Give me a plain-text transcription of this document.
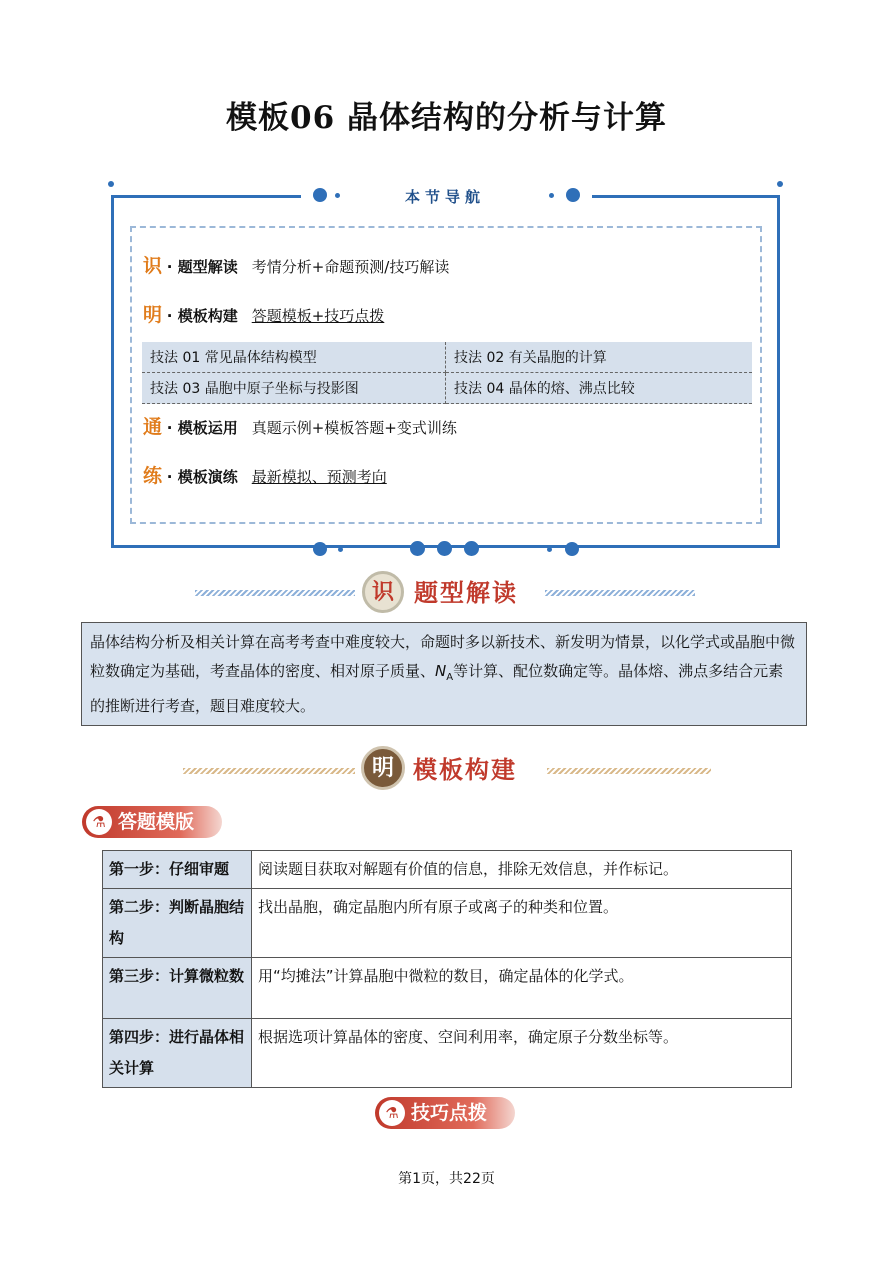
模板06 晶体结构的分析与计算
本节导航
识 · 题型解读 考情分析+命题预测/技巧解读
明 · 模板构建 答题模板+技巧点拨
技法 01 常见晶体结构模型	技法 02 有关晶胞的计算
技法 03 晶胞中原子坐标与投影图	技法 04 晶体的熔、沸点比较
通 · 模板运用 真题示例+模板答题+变式训练
练 · 模板演练 最新模拟、预测考向
识 题型解读
晶体结构分析及相关计算在高考考查中难度较大，命题时多以新技术、新发明为情景，以化学式或晶胞中微粒数确定为基础，考查晶体的密度、相对原子质量、$N_A$等计算、配位数确定等。晶体熔、沸点多结合元素的推断进行考查，题目难度较大。
明 模板构建
⚗ 答题模版
第一步：仔细审题	阅读题目获取对解题有价值的信息，排除无效信息，并作标记。
第二步：判断晶胞结构	找出晶胞，确定晶胞内所有原子或离子的种类和位置。
第三步：计算微粒数	用“均摊法”计算晶胞中微粒的数目，确定晶体的化学式。
第四步：进行晶体相关计算	根据选项计算晶体的密度、空间利用率，确定原子分数坐标等。
⚗ 技巧点拨
第1页，共22页
